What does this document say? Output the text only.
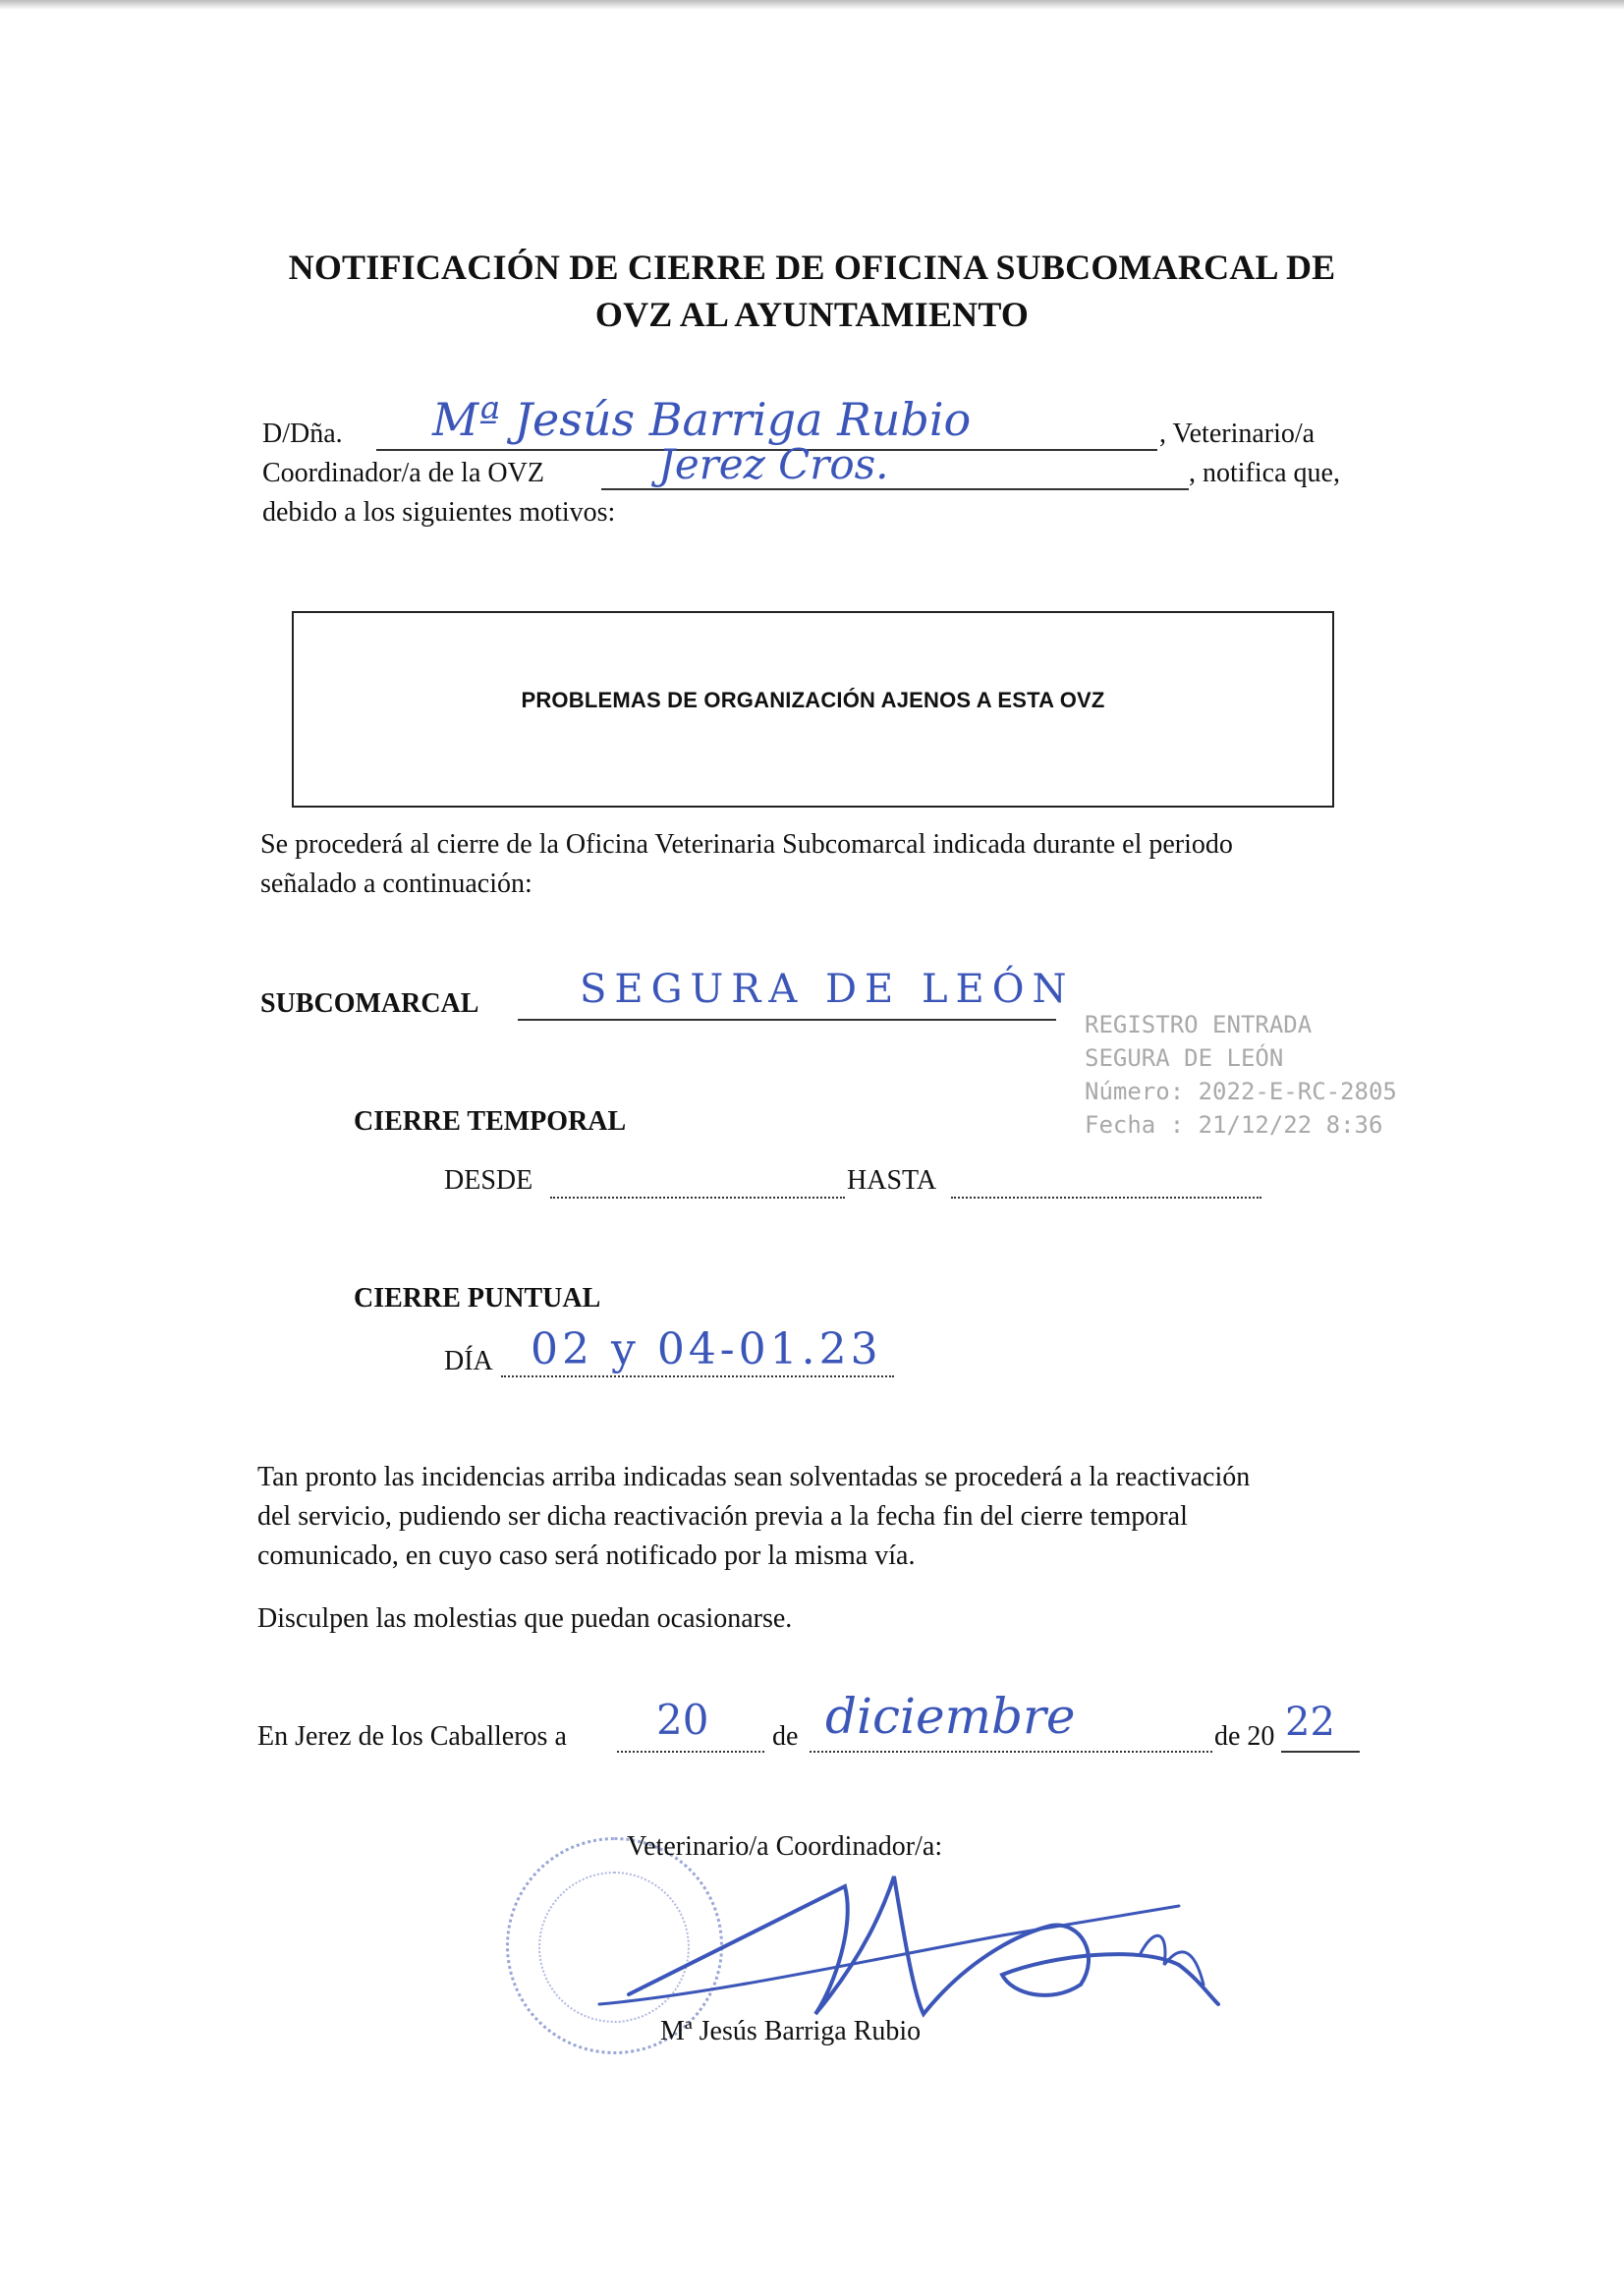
NOTIFICACIÓN DE CIERRE DE OFICINA SUBCOMARCAL DE
OVZ AL AYUNTAMIENTO
D/Dña. Mª Jesús Barriga Rubio	, Veterinario/a
Coordinador/a de la OVZ	Jerez Cros.	, notifica que,
debido a los siguientes motivos:
PROBLEMAS DE ORGANIZACIÓN AJENOS A ESTA OVZ
Se procederá al cierre de la Oficina Veterinaria Subcomarcal indicada durante el periodo
señalado a continuación:
SUBCOMARCAL	SEGURA DE LEÓN
REGISTRO ENTRADA
SEGURA DE LEÓN
Número: 2022-E-RC-2805
Fecha : 21/12/22 8:36
CIERRE TEMPORAL
DESDE	HASTA
CIERRE PUNTUAL
DÍA 02 y 04-01.23
Tan pronto las incidencias arriba indicadas sean solventadas se procederá a la reactivación
del servicio, pudiendo ser dicha reactivación previa a la fecha fin del cierre temporal
comunicado, en cuyo caso será notificado por la misma vía.
Disculpen las molestias que puedan ocasionarse.
En Jerez de los Caballeros a 20 de diciembre	de 20 22
Veterinario/a Coordinador/a:
Mª Jesús Barriga Rubio
